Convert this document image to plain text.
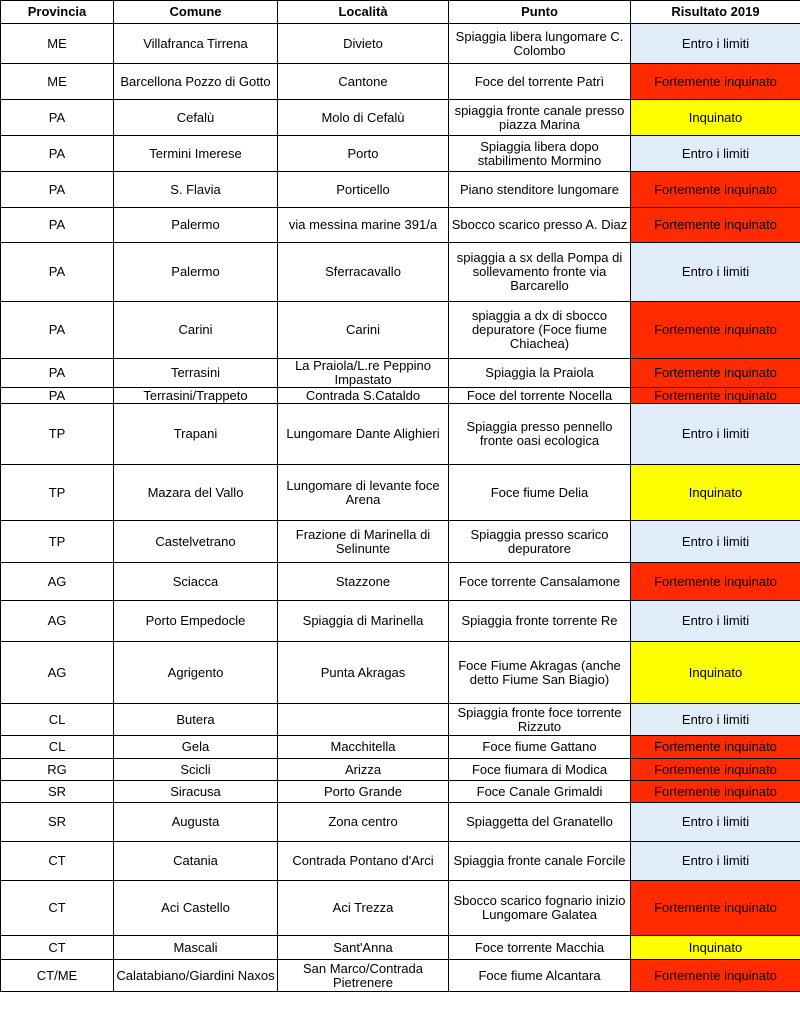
Provincia	Comune	Località	Punto	Risultato 2019
ME	Villafranca Tirrena	Divieto	Spiaggia libera lungomare C. Colombo	Entro i limiti
ME	Barcellona Pozzo di Gotto	Cantone	Foce del torrente Patrì	Fortemente inquinato
PA	Cefalù	Molo di Cefalù	spiaggia fronte canale presso piazza Marina	Inquinato
PA	Termini Imerese	Porto	Spiaggia libera dopo stabilimento Mormino	Entro i limiti
PA	S. Flavia	Porticello	Piano stenditore lungomare	Fortemente inquinato
PA	Palermo	via messina marine 391/a	Sbocco scarico presso A. Diaz	Fortemente inquinato
PA	Palermo	Sferracavallo	spiaggia a sx della Pompa di sollevamento fronte via Barcarello	Entro i limiti
PA	Carini	Carini	spiaggia a dx di sbocco depuratore (Foce fiume Chiachea)	Fortemente inquinato
PA	Terrasini	La Praiola/L.re Peppino Impastato	Spiaggia la Praiola	Fortemente inquinato
PA	Terrasini/Trappeto	Contrada S.Cataldo	Foce del torrente Nocella	Fortemente inquinato
TP	Trapani	Lungomare Dante Alighieri	Spiaggia presso pennello fronte oasi ecologica	Entro i limiti
TP	Mazara del Vallo	Lungomare di levante foce Arena	Foce fiume Delia	Inquinato
TP	Castelvetrano	Frazione di Marinella di Selinunte	Spiaggia presso scarico depuratore	Entro i limiti
AG	Sciacca	Stazzone	Foce torrente Cansalamone	Fortemente inquinato
AG	Porto Empedocle	Spiaggia di Marinella	Spiaggia fronte torrente Re	Entro i limiti
AG	Agrigento	Punta Akragas	Foce Fiume Akragas (anche detto Fiume San Biagio)	Inquinato
CL	Butera		Spiaggia fronte foce torrente Rizzuto	Entro i limiti
CL	Gela	Macchitella	Foce fiume Gattano	Fortemente inquinato
RG	Scicli	Arizza	Foce fiumara di Modica	Fortemente inquinato
SR	Siracusa	Porto Grande	Foce Canale Grimaldi	Fortemente inquinato
SR	Augusta	Zona centro	Spiaggetta del Granatello	Entro i limiti
CT	Catania	Contrada Pontano d'Arci	Spiaggia fronte canale Forcile	Entro i limiti
CT	Aci Castello	Aci Trezza	Sbocco scarico fognario inizio Lungomare Galatea	Fortemente inquinato
CT	Mascali	Sant'Anna	Foce torrente Macchia	Inquinato
CT/ME	Calatabiano/Giardini Naxos	San Marco/Contrada Pietrenere	Foce fiume Alcantara	Fortemente inquinato
